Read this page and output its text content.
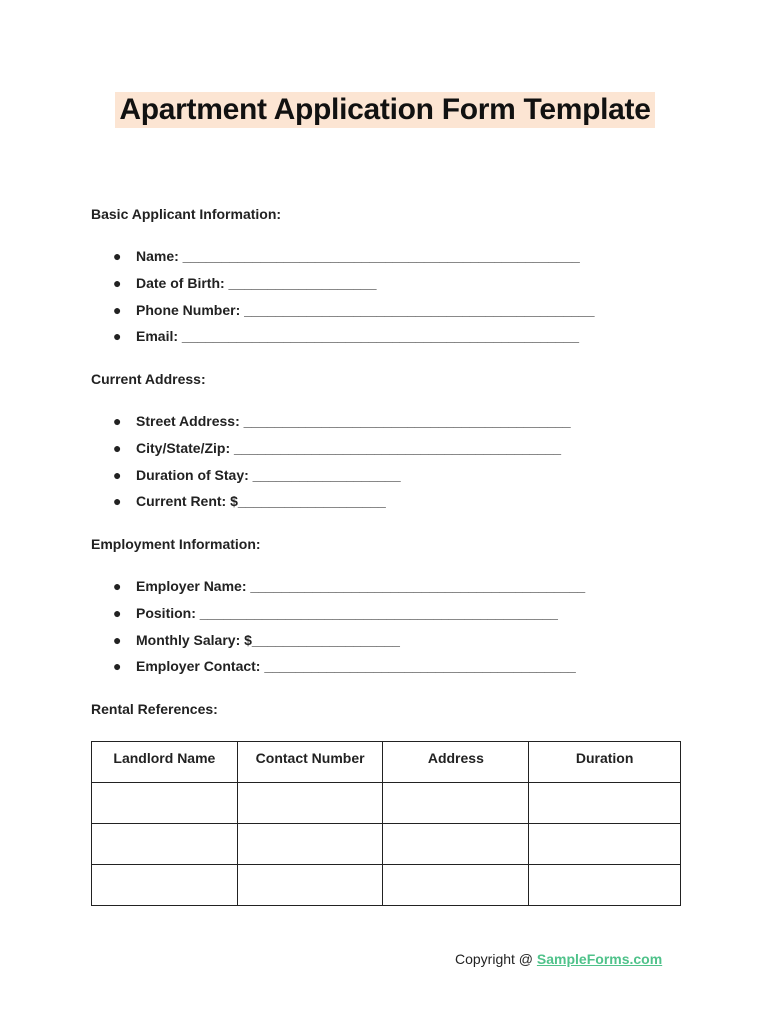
Apartment Application Form Template
Basic Applicant Information:
● Name: ___________________________________________________
● Date of Birth: ___________________
● Phone Number: _____________________________________________
● Email: ___________________________________________________
Current Address:
● Street Address: __________________________________________
● City/State/Zip: __________________________________________
● Duration of Stay: ___________________
● Current Rent: $___________________
Employment Information:
● Employer Name: ___________________________________________
● Position: ______________________________________________
● Monthly Salary: $___________________
● Employer Contact: ________________________________________
Rental References:
Landlord Name	Contact Number	Address	Duration

Copyright @ SampleForms.com
